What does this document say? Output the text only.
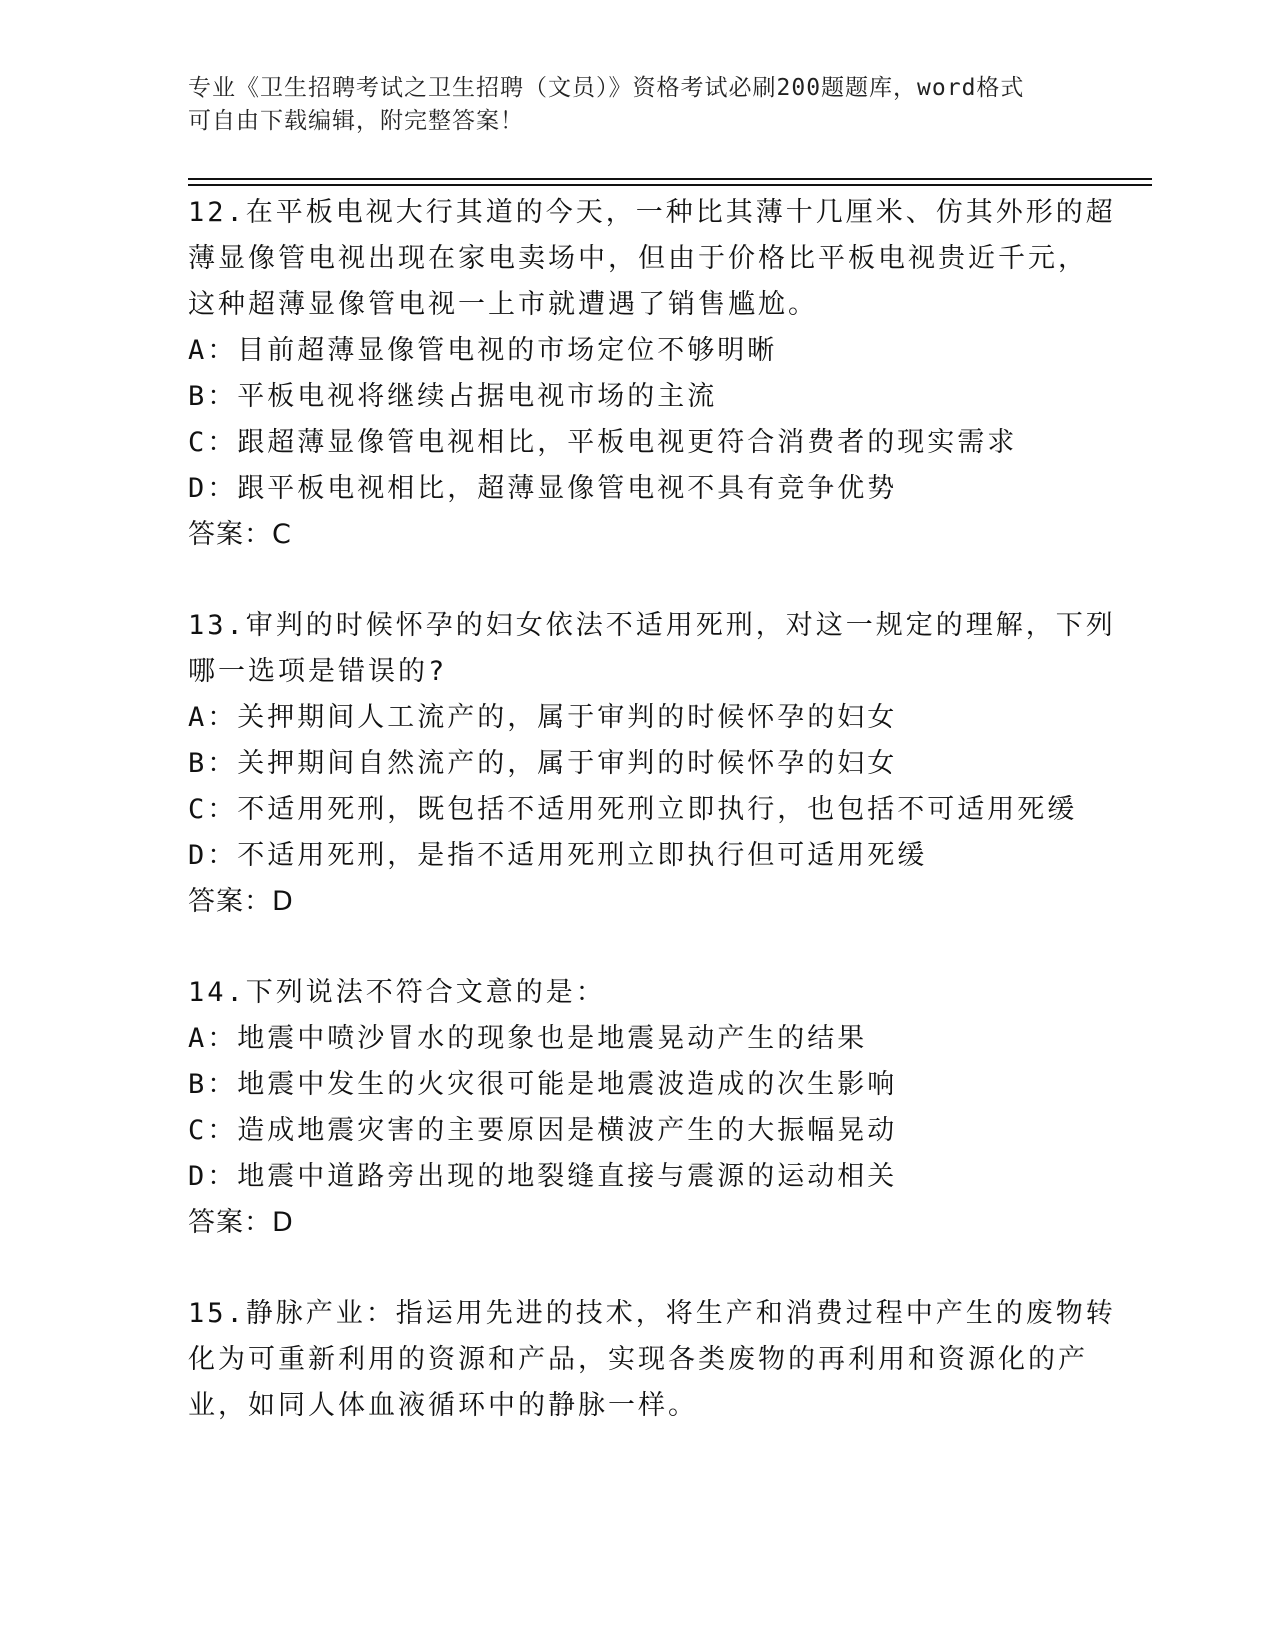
专业《卫生招聘考试之卫生招聘（文员）》资格考试必刷200题题库，word格式
可自由下载编辑，附完整答案！
12.在平板电视大行其道的今天，一种比其薄十几厘米、仿其外形的超
薄显像管电视出现在家电卖场中，但由于价格比平板电视贵近千元，
这种超薄显像管电视一上市就遭遇了销售尴尬。
A：目前超薄显像管电视的市场定位不够明晰
B：平板电视将继续占据电视市场的主流
C：跟超薄显像管电视相比，平板电视更符合消费者的现实需求
D：跟平板电视相比，超薄显像管电视不具有竞争优势
答案：C
13.审判的时候怀孕的妇女依法不适用死刑，对这一规定的理解，下列
哪一选项是错误的?
A：关押期间人工流产的，属于审判的时候怀孕的妇女
B：关押期间自然流产的，属于审判的时候怀孕的妇女
C：不适用死刑，既包括不适用死刑立即执行，也包括不可适用死缓
D：不适用死刑，是指不适用死刑立即执行但可适用死缓
答案：D
14.下列说法不符合文意的是：
A：地震中喷沙冒水的现象也是地震晃动产生的结果
B：地震中发生的火灾很可能是地震波造成的次生影响
C：造成地震灾害的主要原因是横波产生的大振幅晃动
D：地震中道路旁出现的地裂缝直接与震源的运动相关
答案：D
15.静脉产业：指运用先进的技术，将生产和消费过程中产生的废物转
化为可重新利用的资源和产品，实现各类废物的再利用和资源化的产
业，如同人体血液循环中的静脉一样。
